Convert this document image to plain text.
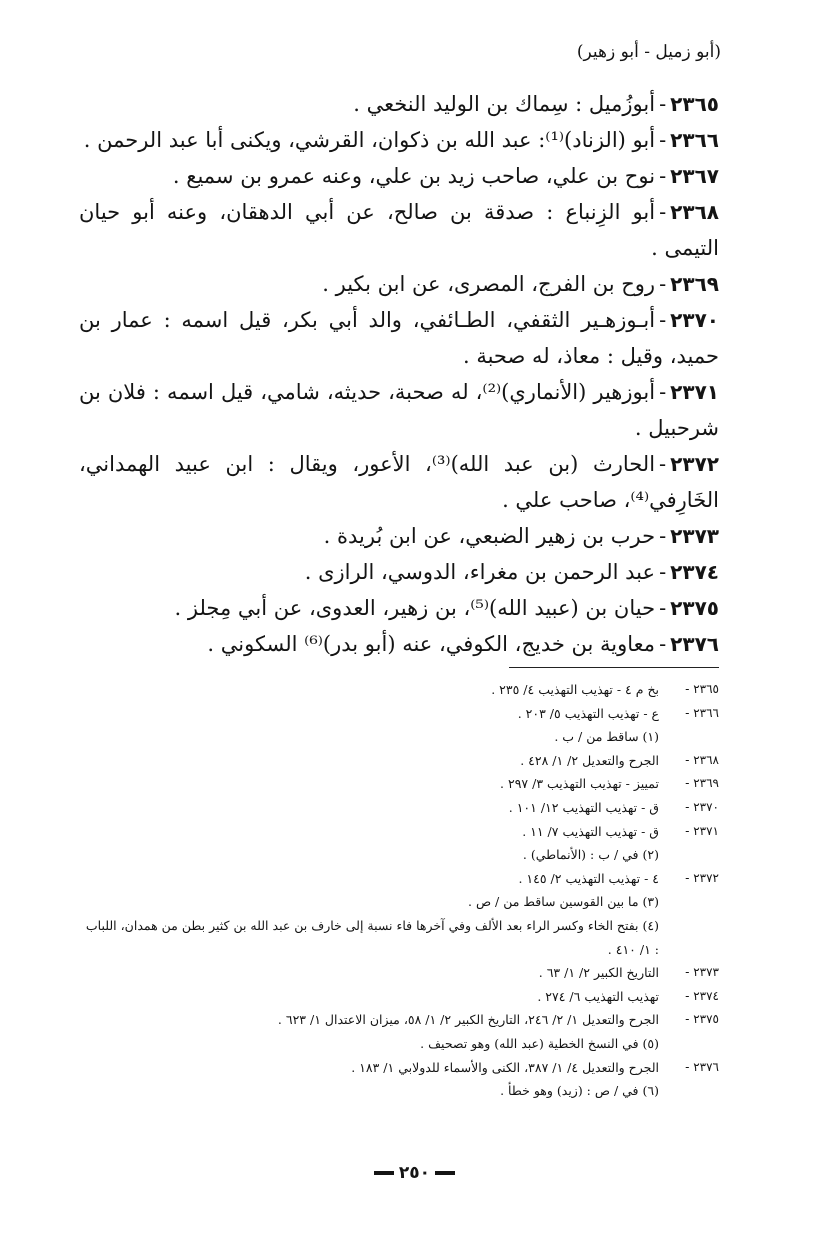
(أبو زميل - أبو زهير)
٢٣٦٥-أبوزُميل : سِماك بن الوليد النخعي .
٢٣٦٦-أبو (الزناد)⁽¹⁾: عبد الله بن ذكوان، القرشي، ويكنى أبا عبد الرحمن .
٢٣٦٧-نوح بن علي، صاحب زيد بن علي، وعنه عمرو بن سميع .
٢٣٦٨-أبو الزِنباع : صدقة بن صالح، عن أبي الدهقان، وعنه أبو حيان التيمى .
٢٣٦٩-روح بن الفرج، المصرى، عن ابن بكير .
٢٣٧٠-أبـوزهـير الثقفي، الطـائفي، والد أبي بكر، قيل اسمه : عمار بن حميد، وقيل : معاذ، له صحبة .
٢٣٧١-أبوزهير (الأنماري)⁽²⁾، له صحبة، حديثه، شامي، قيل اسمه : فلان بن شرحبيل .
٢٣٧٢-الحارث (بن عبد الله)⁽³⁾، الأعور، ويقال : ابن عبيد الهمداني، الخَارِفي⁽⁴⁾، صاحب علي .
٢٣٧٣-حرب بن زهير الضبعي، عن ابن بُريدة .
٢٣٧٤-عبد الرحمن بن مغراء، الدوسي، الرازى .
٢٣٧٥-حيان بن (عبيد الله)⁽⁵⁾، بن زهير، العدوى، عن أبي مِجلز .
٢٣٧٦-معاوية بن خديج، الكوفي، عنه (أبو بدر)⁽⁶⁾ السكوني .
٢٣٦٥ -
بخ م ٤ - تهذيب التهذيب ٤/ ٢٣٥ .
٢٣٦٦ -
ع - تهذيب التهذيب ٥/ ٢٠٣ .
(١) ساقط من / ب .
٢٣٦٨ -
الجرح والتعديل ٢/ ١/ ٤٢٨ .
٢٣٦٩ -
تمييز - تهذيب التهذيب ٣/ ٢٩٧ .
٢٣٧٠ -
ق - تهذيب التهذيب ١٢/ ١٠١ .
٢٣٧١ -
ق - تهذيب التهذيب ٧/ ١١ .
(٢) في / ب : (الأنماطي) .
٢٣٧٢ -
٤ - تهذيب التهذيب ٢/ ١٤٥ .
(٣) ما بين القوسين ساقط من / ص .
(٤) بفتح الخاء وكسر الراء بعد الألف وفي آخرها فاء نسبة إلى خارف بن عبد الله بن كثير بطن من همدان، اللباب : ١/ ٤١٠ .
٢٣٧٣ -
التاريخ الكبير ٢/ ١/ ٦٣ .
٢٣٧٤ -
تهذيب التهذيب ٦/ ٢٧٤ .
٢٣٧٥ -
الجرح والتعديل ١/ ٢/ ٢٤٦، التاريخ الكبير ٢/ ١/ ٥٨، ميزان الاعتدال ١/ ٦٢٣ .
(٥) في النسخ الخطية (عبد الله) وهو تصحيف .
٢٣٧٦ -
الجرح والتعديل ٤/ ١/ ٣٨٧، الكنى والأسماء للدولابي ١/ ١٨٣ .
(٦) في / ص : (زيد) وهو خطأ .
٢٥٠
